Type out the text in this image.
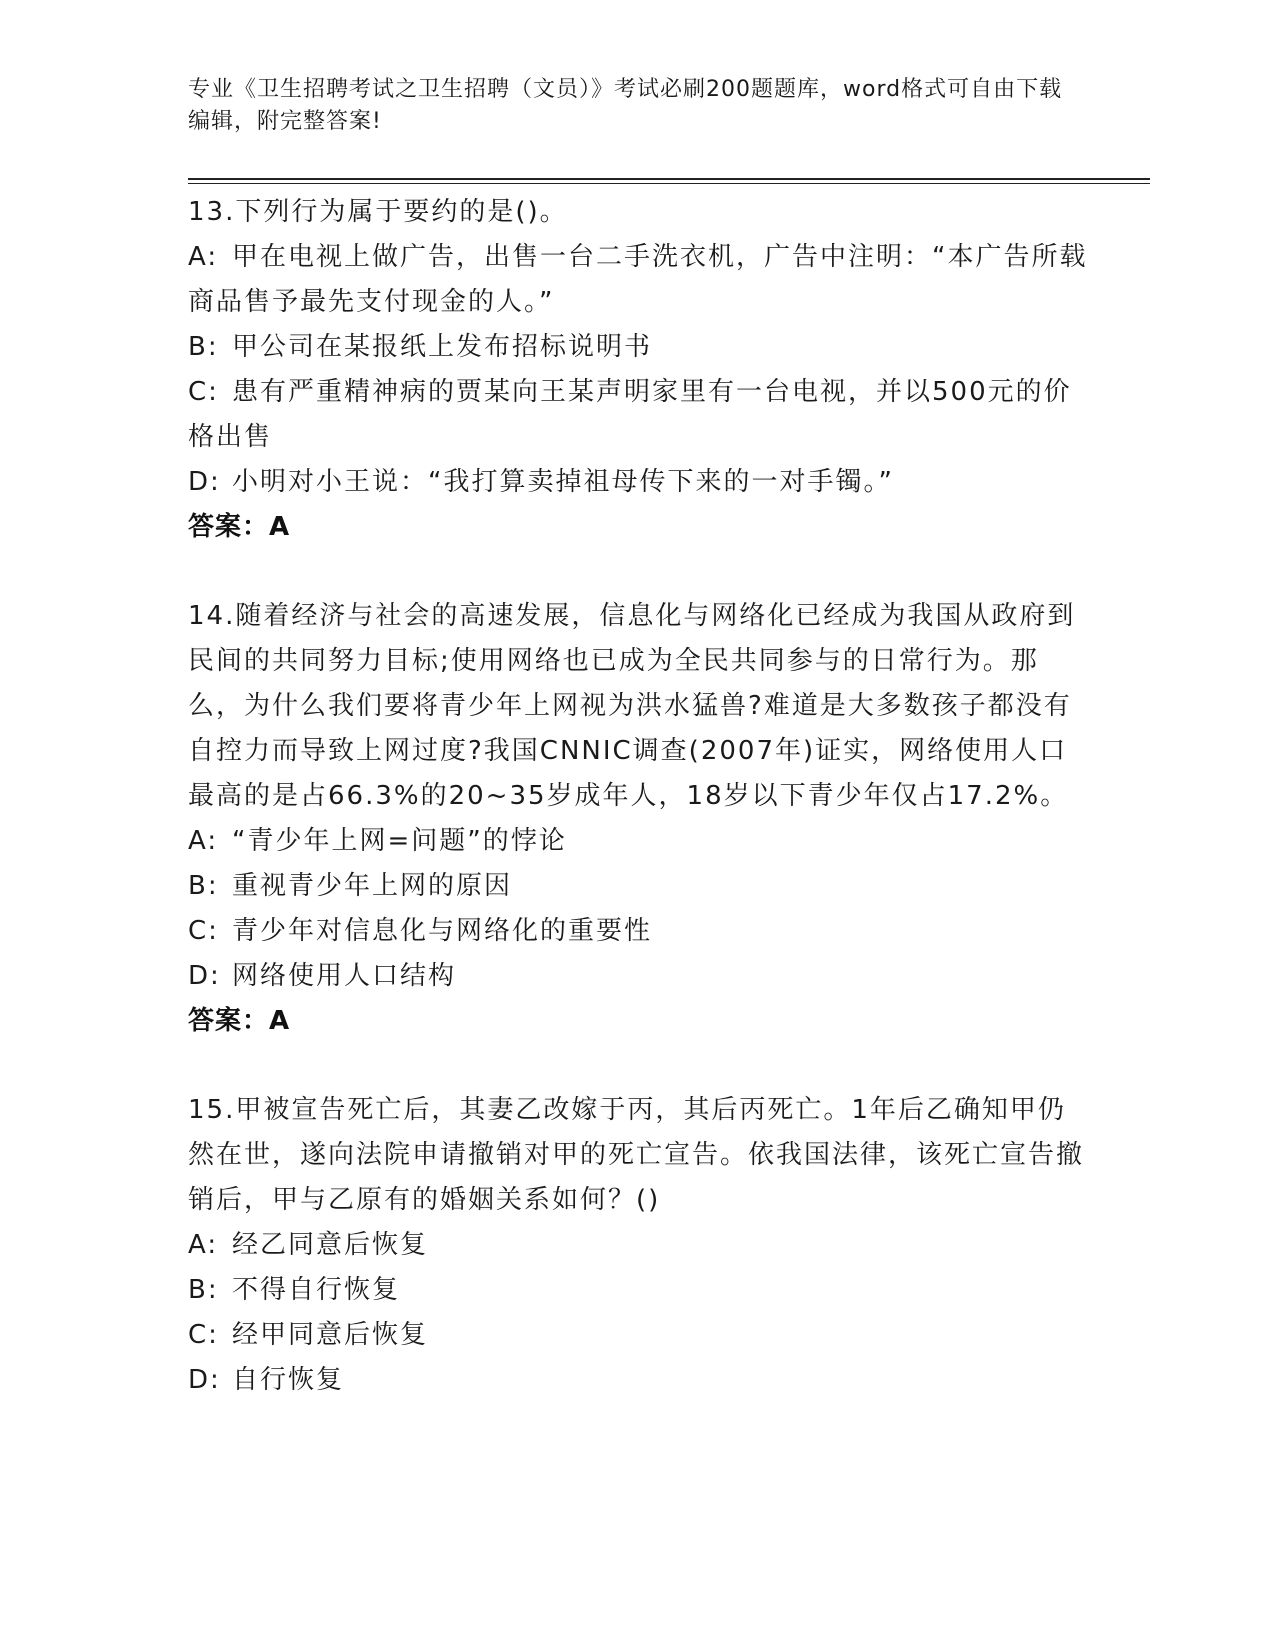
专业《卫生招聘考试之卫生招聘（文员）》考试必刷200题题库，word格式可自由下载编辑，附完整答案!
13.下列行为属于要约的是()。
A: 甲在电视上做广告，出售一台二手洗衣机，广告中注明：“本广告所载商品售予最先支付现金的人。”
B: 甲公司在某报纸上发布招标说明书
C: 患有严重精神病的贾某向王某声明家里有一台电视，并以500元的价格出售
D: 小明对小王说：“我打算卖掉祖母传下来的一对手镯。”
答案：A
14.随着经济与社会的高速发展，信息化与网络化已经成为我国从政府到民间的共同努力目标;使用网络也已成为全民共同参与的日常行为。那么，为什么我们要将青少年上网视为洪水猛兽?难道是大多数孩子都没有自控力而导致上网过度?我国CNNIC调查(2007年)证实，网络使用人口最高的是占66.3%的20~35岁成年人，18岁以下青少年仅占17.2%。
A: “青少年上网=问题”的悖论
B: 重视青少年上网的原因
C: 青少年对信息化与网络化的重要性
D: 网络使用人口结构
答案：A
15.甲被宣告死亡后，其妻乙改嫁于丙，其后丙死亡。1年后乙确知甲仍然在世，遂向法院申请撤销对甲的死亡宣告。依我国法律，该死亡宣告撤销后，甲与乙原有的婚姻关系如何？()
A: 经乙同意后恢复
B: 不得自行恢复
C: 经甲同意后恢复
D: 自行恢复
